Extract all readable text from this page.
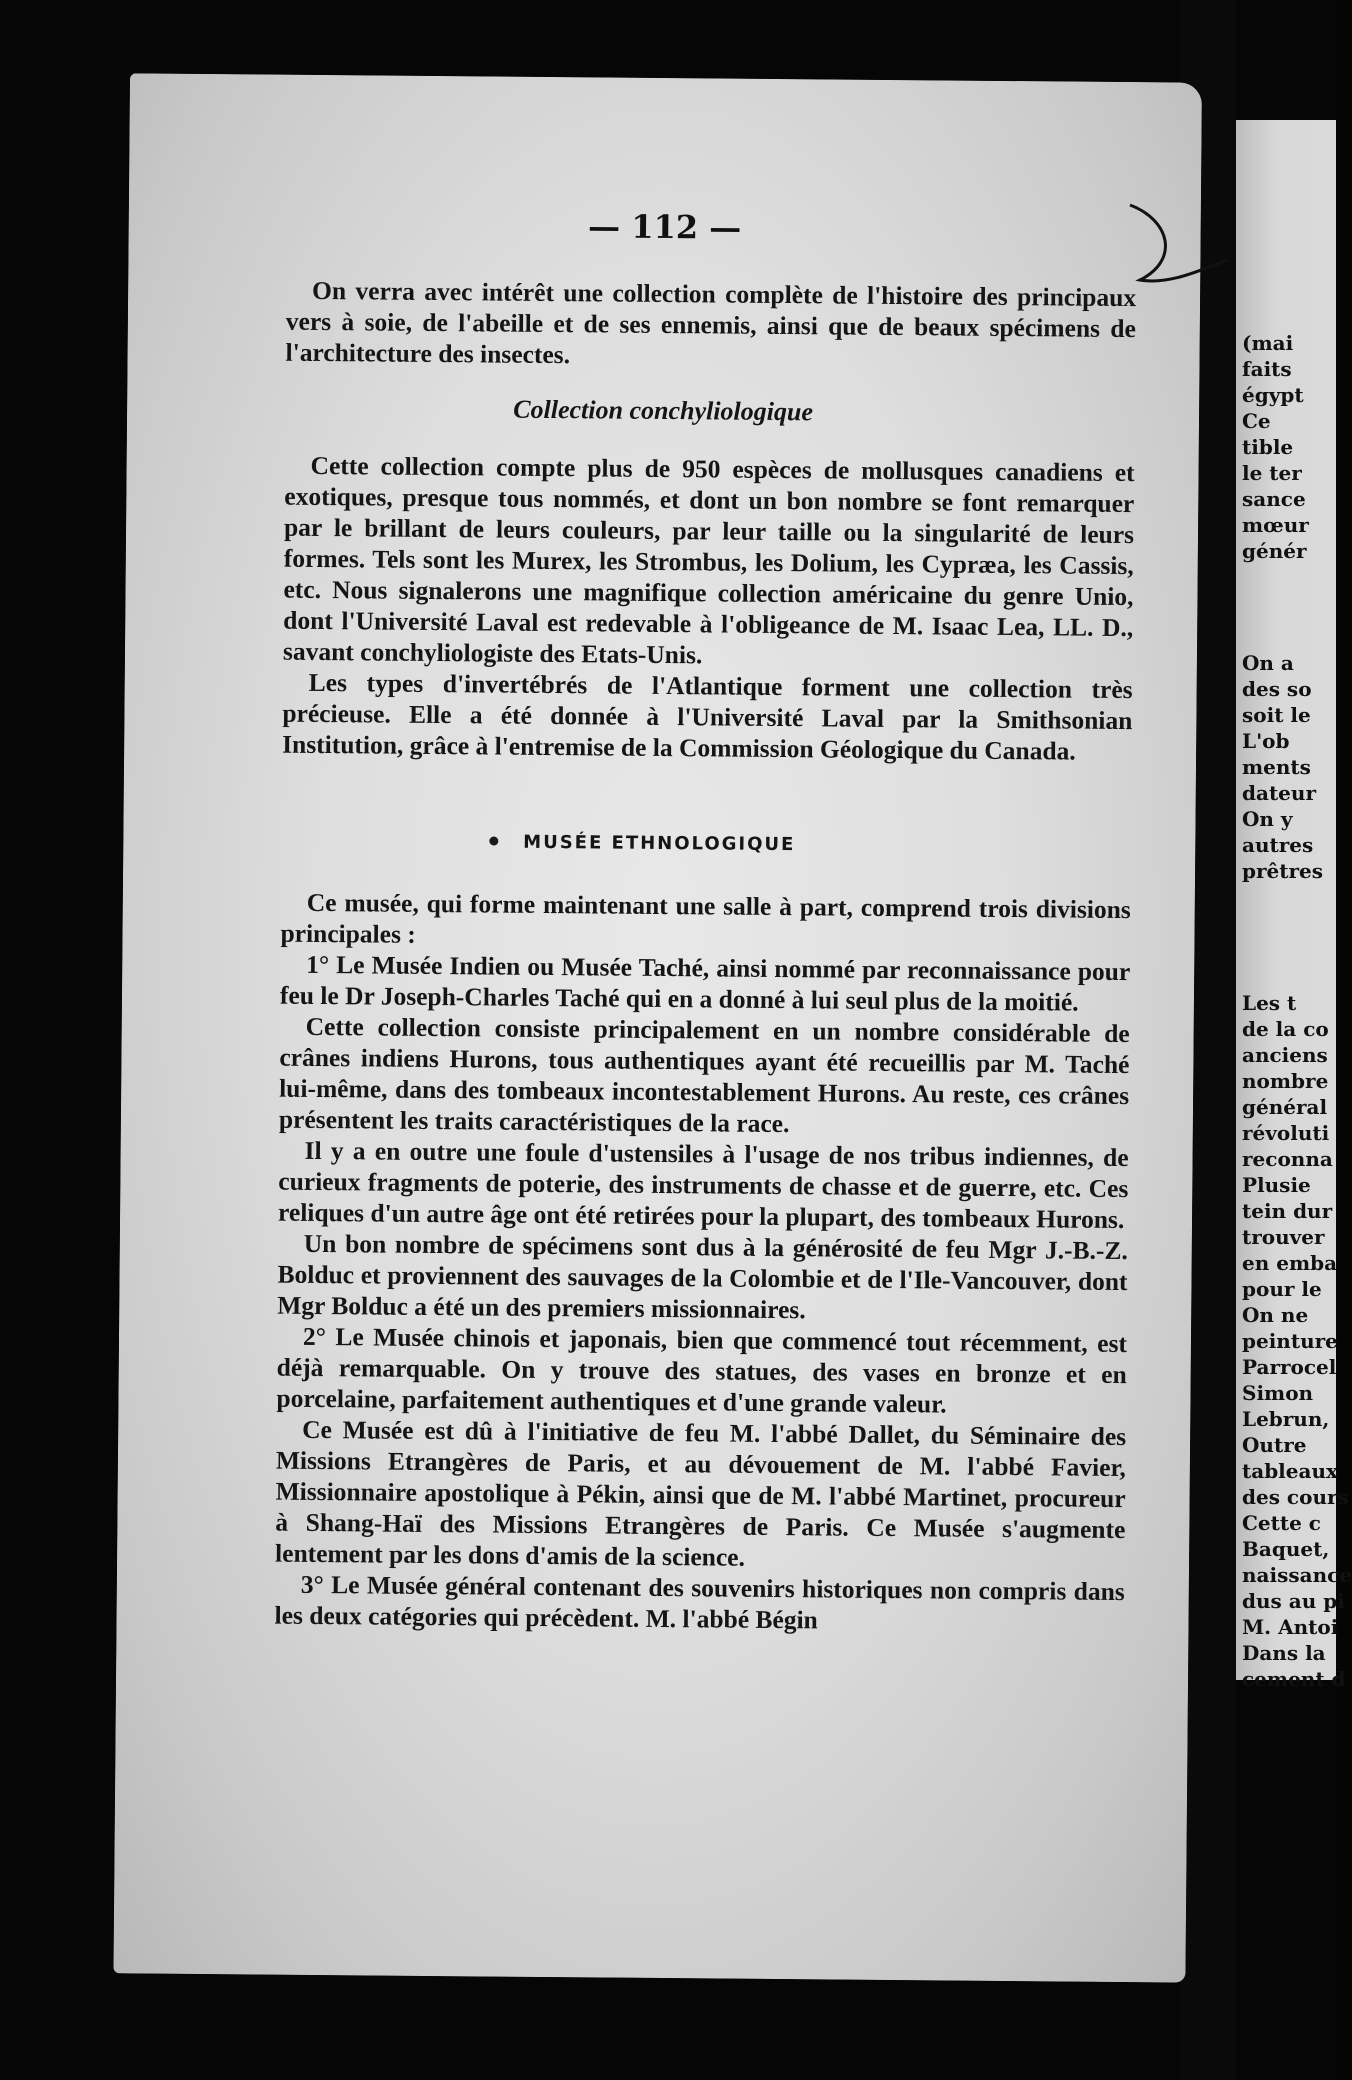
(mai
faits
égypt
Ce
tible
le ter
sance
mœur
génér
On a
des so
soit le
L'ob
ments
dateur
On y
autres
prêtres
Les t
de la co
anciens
nombre
général
révoluti
reconna
Plusie
tein dur
trouver
en emba
pour le
On ne
peinture
Parrocel
Simon
Lebrun,
Outre
tableaux
des cours
Cette c
Baquet,
naissance
dus au pi
M. Antoi
Dans la
cement d
— 112 —

On verra avec intérêt une collection complète de l'histoire des principaux vers à soie, de l'abeille et de ses ennemis, ainsi que de beaux spécimens de l'architecture des insectes.

Collection conchyliologique

Cette collection compte plus de 950 espèces de mollusques canadiens et exotiques, presque tous nommés, et dont un bon nombre se font remarquer par le brillant de leurs couleurs, par leur taille ou la singularité de leurs formes. Tels sont les Murex, les Strombus, les Dolium, les Cypræa, les Cassis, etc. Nous signalerons une magnifique collection américaine du genre Unio, dont l'Université Laval est redevable à l'obligeance de M. Isaac Lea, LL. D., savant conchyliologiste des Etats-Unis.

Les types d'invertébrés de l'Atlantique forment une collection très précieuse. Elle a été donnée à l'Université Laval par la Smithsonian Institution, grâce à l'entremise de la Commission Géologique du Canada.

MUSÉE ETHNOLOGIQUE

Ce musée, qui forme maintenant une salle à part, comprend trois divisions principales :

1° Le Musée Indien ou Musée Taché, ainsi nommé par reconnaissance pour feu le Dr Joseph-Charles Taché qui en a donné à lui seul plus de la moitié.

Cette collection consiste principalement en un nombre considérable de crânes indiens Hurons, tous authentiques ayant été recueillis par M. Taché lui-même, dans des tombeaux incontestablement Hurons. Au reste, ces crânes présentent les traits caractéristiques de la race.

Il y a en outre une foule d'ustensiles à l'usage de nos tribus indiennes, de curieux fragments de poterie, des instruments de chasse et de guerre, etc. Ces reliques d'un autre âge ont été retirées pour la plupart, des tombeaux Hurons.

Un bon nombre de spécimens sont dus à la générosité de feu Mgr J.-B.-Z. Bolduc et proviennent des sauvages de la Colombie et de l'Ile-Vancouver, dont Mgr Bolduc a été un des premiers missionnaires.

2° Le Musée chinois et japonais, bien que commencé tout récemment, est déjà remarquable. On y trouve des statues, des vases en bronze et en porcelaine, parfaitement authentiques et d'une grande valeur.

Ce Musée est dû à l'initiative de feu M. l'abbé Dallet, du Séminaire des Missions Etrangères de Paris, et au dévouement de M. l'abbé Favier, Missionnaire apostolique à Pékin, ainsi que de M. l'abbé Martinet, procureur à Shang-Haï des Missions Etrangères de Paris. Ce Musée s'augmente lentement par les dons d'amis de la science.

3° Le Musée général contenant des souvenirs historiques non compris dans les deux catégories qui précèdent. M. l'abbé Bégin
